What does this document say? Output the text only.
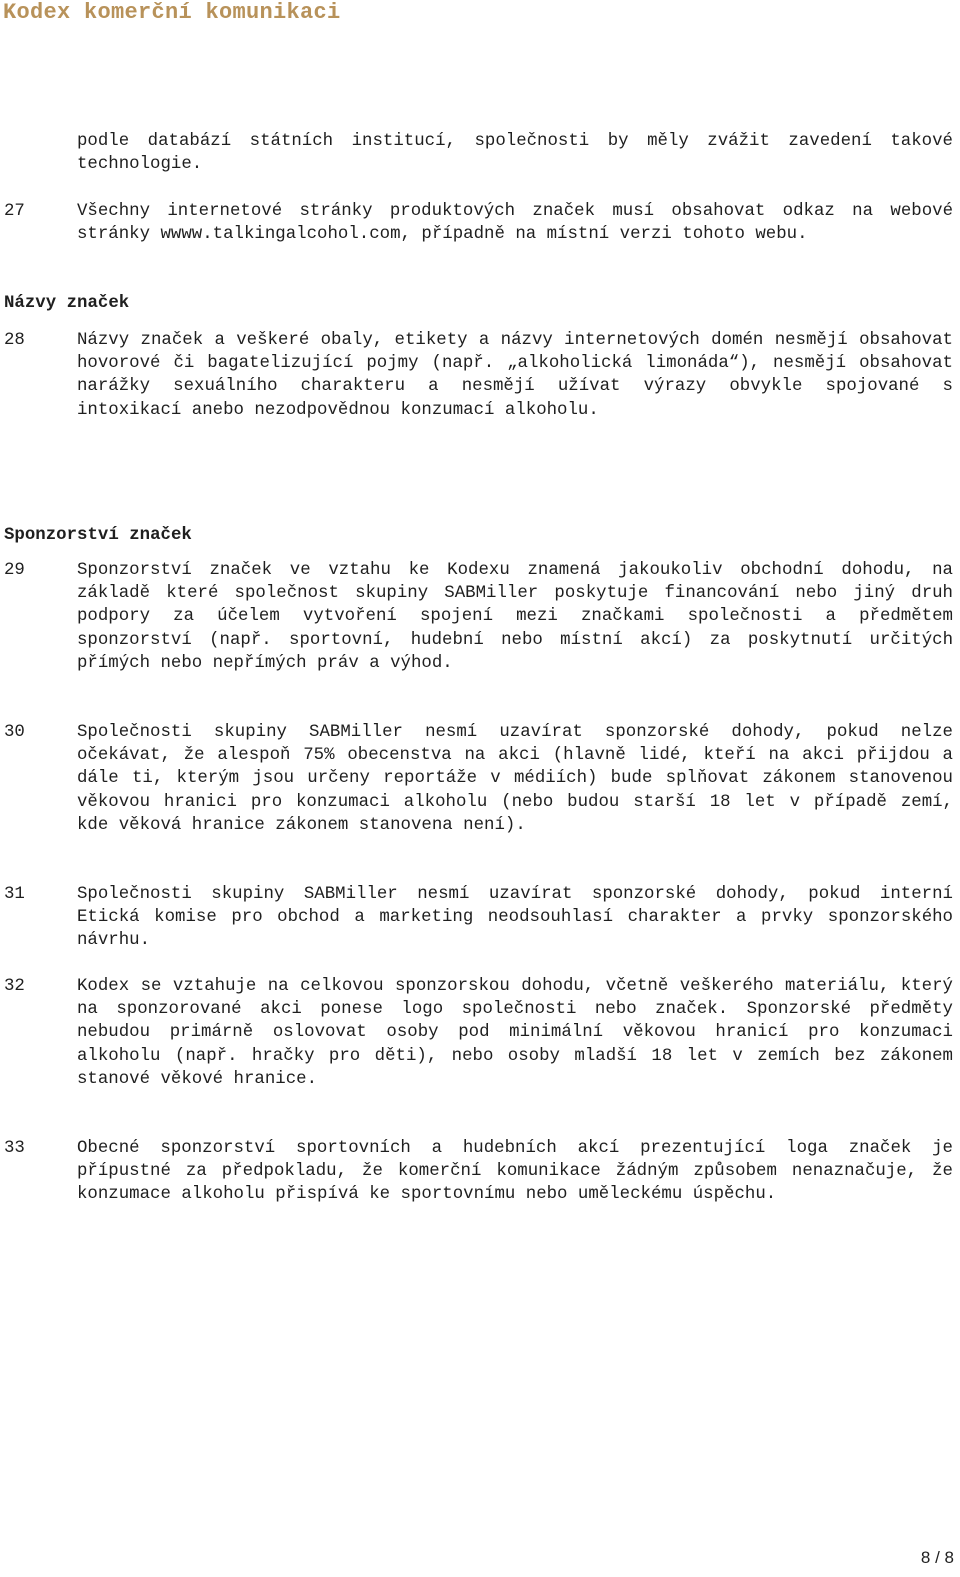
Kodex komerční komunikaci
podle databází státních institucí, společnosti by měly zvážit zavedení takové technologie.
27	Všechny internetové stránky produktových značek musí obsahovat odkaz na webové stránky wwww.talkingalcohol.com, případně na místní verzi tohoto webu.
Názvy značek
28	Názvy značek a veškeré obaly, etikety a názvy internetových domén nesmějí obsahovat hovorové či bagatelizující pojmy (např. „alkoholická limonáda“), nesmějí obsahovat narážky sexuálního charakteru a nesmějí užívat výrazy obvykle spojované s intoxikací anebo nezodpovědnou konzumací alkoholu.
Sponzorství značek
29	Sponzorství značek ve vztahu ke Kodexu znamená jakoukoliv obchodní dohodu, na základě které společnost skupiny SABMiller poskytuje financování nebo jiný druh podpory za účelem vytvoření spojení mezi značkami společnosti a předmětem sponzorství (např. sportovní, hudební nebo místní akcí) za poskytnutí určitých přímých nebo nepřímých práv a výhod.
30	Společnosti skupiny SABMiller nesmí uzavírat sponzorské dohody, pokud nelze očekávat, že alespoň 75% obecenstva na akci (hlavně lidé, kteří na akci přijdou a dále ti, kterým jsou určeny reportáže v médiích) bude splňovat zákonem stanovenou věkovou hranici pro konzumaci alkoholu (nebo budou starší 18 let v případě zemí, kde věková hranice zákonem stanovena není).
31	Společnosti skupiny SABMiller nesmí uzavírat sponzorské dohody, pokud interní Etická komise pro obchod a marketing neodsouhlasí charakter a prvky sponzorského návrhu.
32	Kodex se vztahuje na celkovou sponzorskou dohodu, včetně veškerého materiálu, který na sponzorované akci ponese logo společnosti nebo značek. Sponzorské předměty nebudou primárně oslovovat osoby pod minimální věkovou hranicí pro konzumaci alkoholu (např. hračky pro děti), nebo osoby mladší 18 let v zemích bez zákonem stanové věkové hranice.
33	Obecné sponzorství sportovních a hudebních akcí prezentující loga značek je přípustné za předpokladu, že komerční komunikace žádným způsobem nenaznačuje, že konzumace alkoholu přispívá ke sportovnímu nebo uměleckému úspěchu.
8 / 8
